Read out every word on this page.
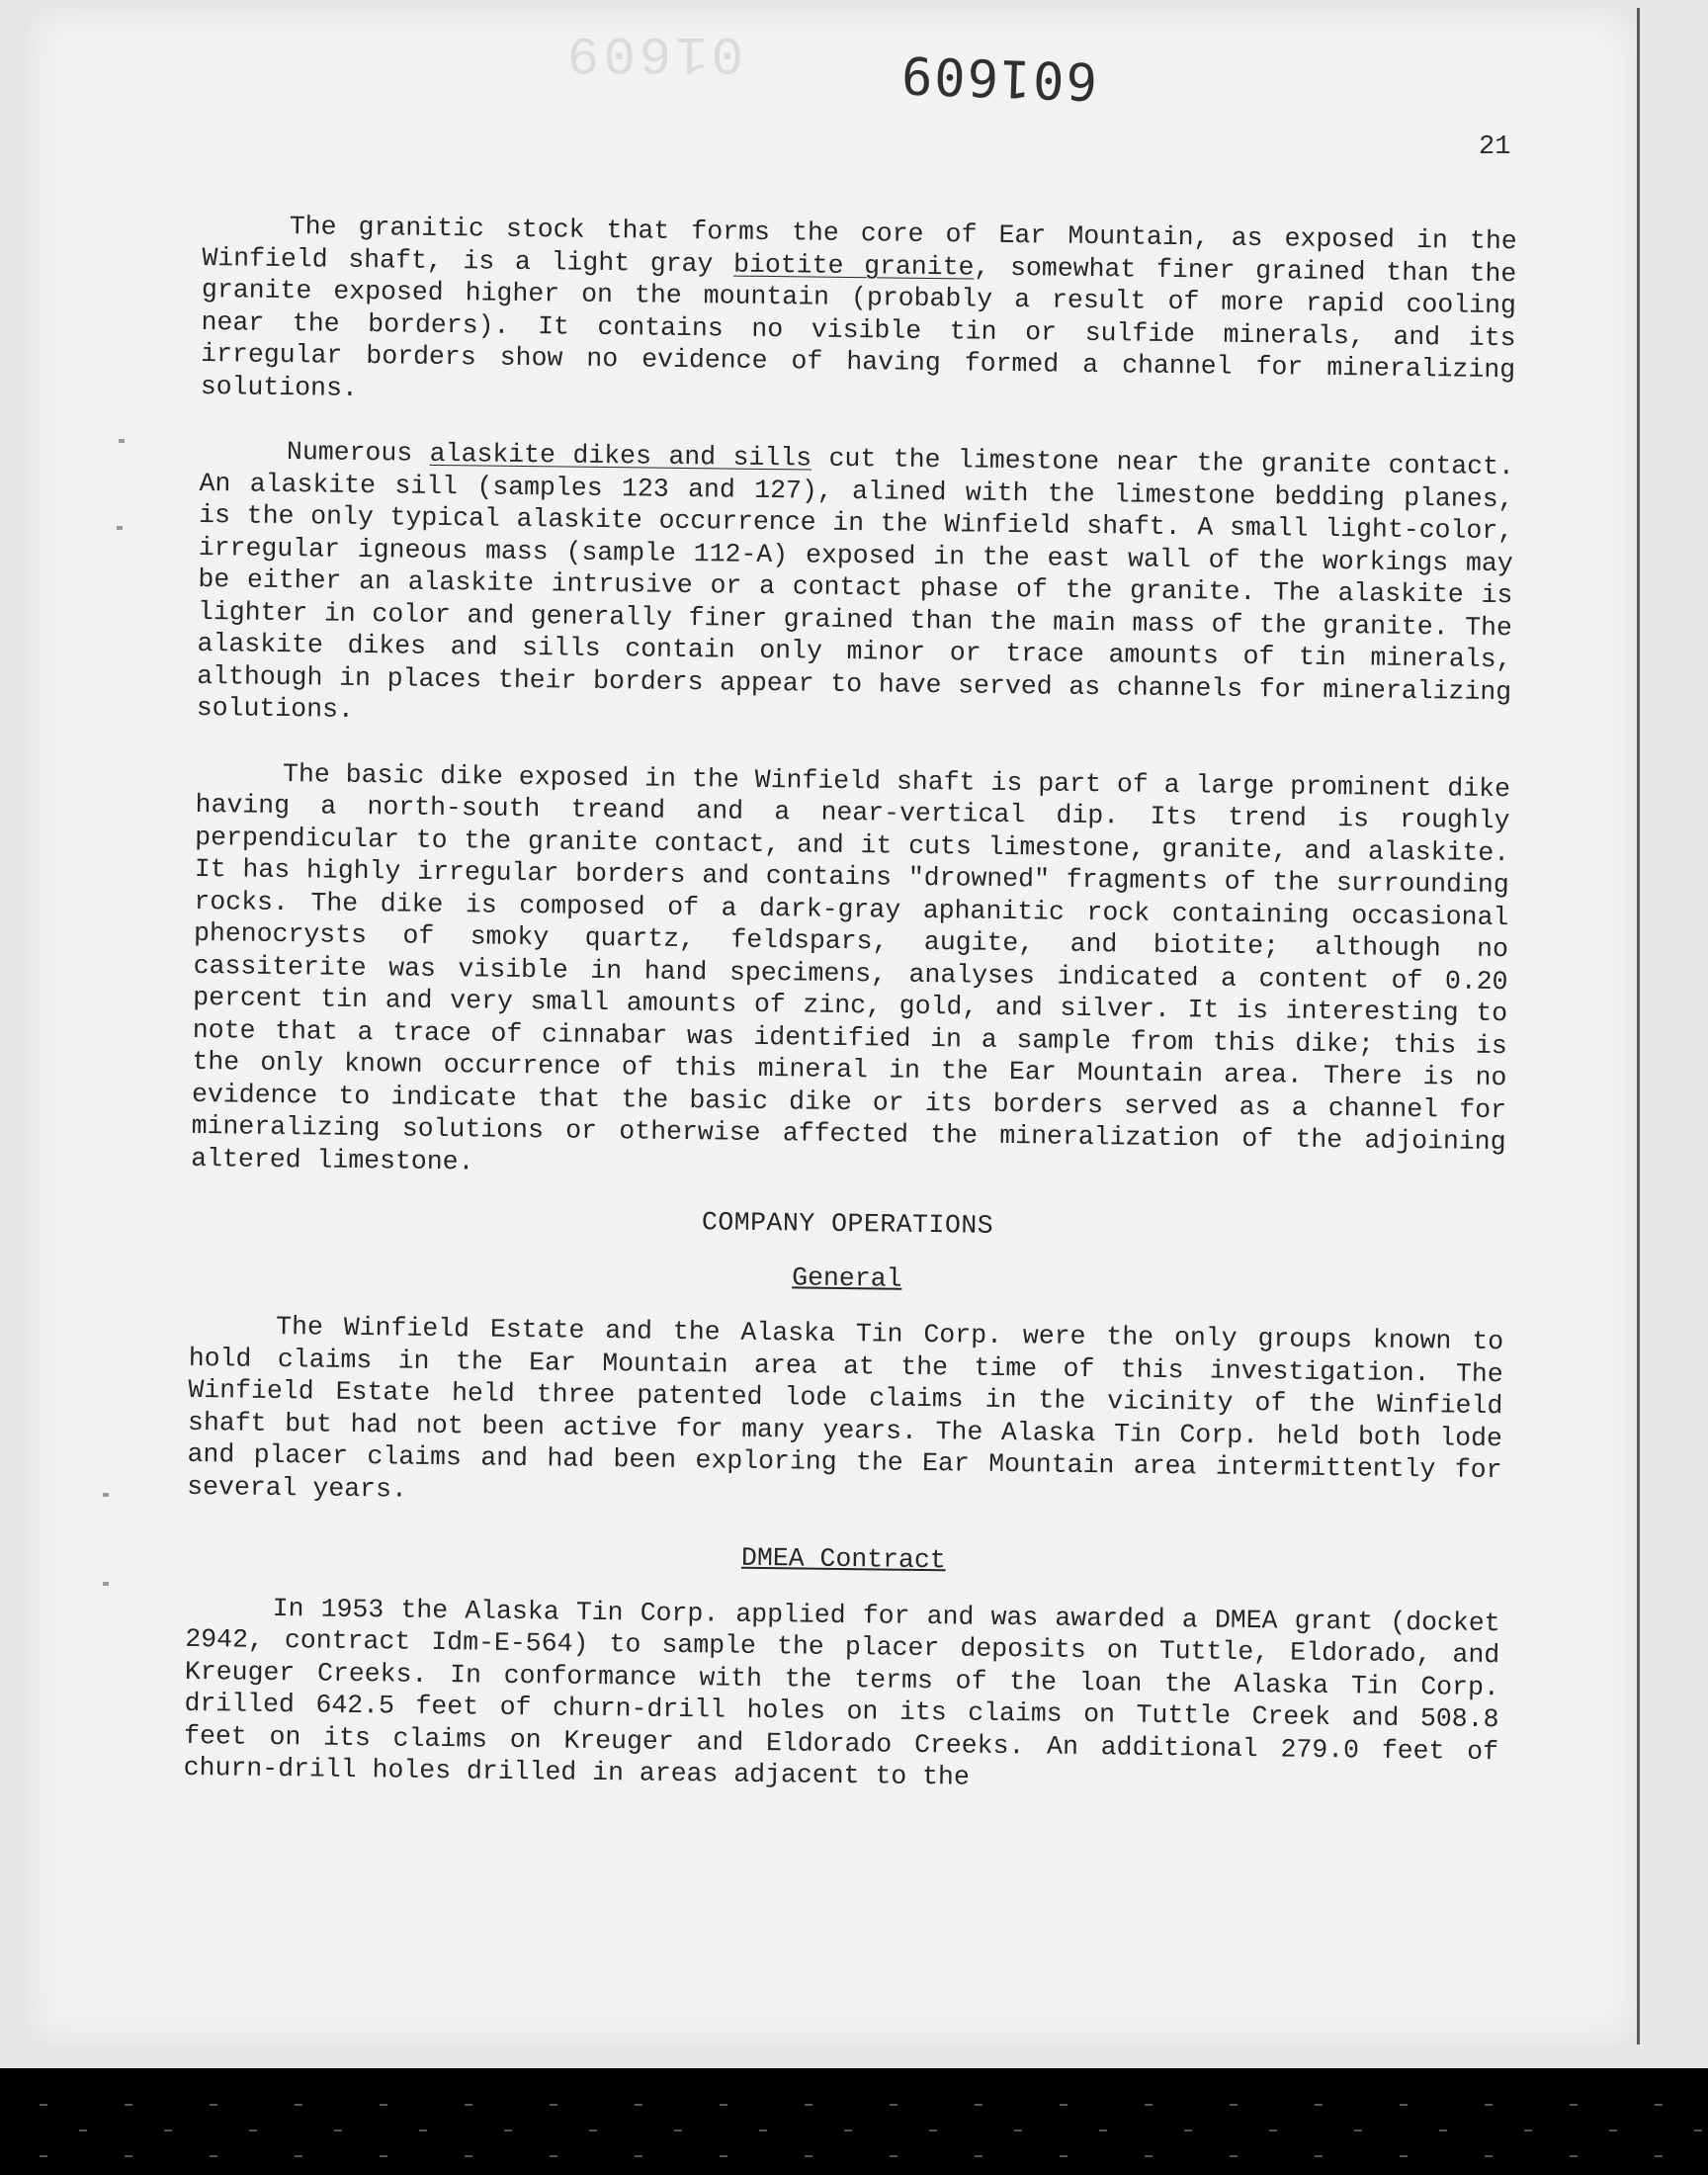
01609	601609
21

The granitic stock that forms the core of Ear Mountain, as exposed in the Winfield shaft, is a light gray biotite granite, somewhat finer grained than the granite exposed higher on the mountain (probably a result of more rapid cooling near the borders). It contains no visible tin or sulfide minerals, and its irregular borders show no evidence of having formed a channel for mineralizing solutions.

Numerous alaskite dikes and sills cut the limestone near the granite contact. An alaskite sill (samples 123 and 127), alined with the limestone bedding planes, is the only typical alaskite occurrence in the Winfield shaft. A small light-color, irregular igneous mass (sample 112-A) exposed in the east wall of the workings may be either an alaskite intrusive or a contact phase of the granite. The alaskite is lighter in color and generally finer grained than the main mass of the granite. The alaskite dikes and sills contain only minor or trace amounts of tin minerals, although in places their borders appear to have served as channels for mineralizing solutions.

The basic dike exposed in the Winfield shaft is part of a large prominent dike having a north-south treand and a near-vertical dip. Its trend is roughly perpendicular to the granite contact, and it cuts limestone, granite, and alaskite. It has highly irregular borders and contains "drowned" fragments of the surrounding rocks. The dike is composed of a dark-gray aphanitic rock containing occasional phenocrysts of smoky quartz, feldspars, augite, and biotite; although no cassiterite was visible in hand specimens, analyses indicated a content of 0.20 percent tin and very small amounts of zinc, gold, and silver. It is interesting to note that a trace of cinnabar was identified in a sample from this dike; this is the only known occurrence of this mineral in the Ear Mountain area. There is no evidence to indicate that the basic dike or its borders served as a channel for mineralizing solutions or otherwise affected the mineralization of the adjoining altered limestone.

COMPANY OPERATIONS
General

The Winfield Estate and the Alaska Tin Corp. were the only groups known to hold claims in the Ear Mountain area at the time of this investigation. The Winfield Estate held three patented lode claims in the vicinity of the Winfield shaft but had not been active for many years. The Alaska Tin Corp. held both lode and placer claims and had been exploring the Ear Mountain area intermittently for several years.

DMEA Contract

In 1953 the Alaska Tin Corp. applied for and was awarded a DMEA grant (docket 2942, contract Idm-E-564) to sample the placer deposits on Tuttle, Eldorado, and Kreuger Creeks. In conformance with the terms of the loan the Alaska Tin Corp. drilled 642.5 feet of churn-drill holes on its claims on Tuttle Creek and 508.8 feet on its claims on Kreuger and Eldorado Creeks. An additional 279.0 feet of churn-drill holes drilled in areas adjacent to the
